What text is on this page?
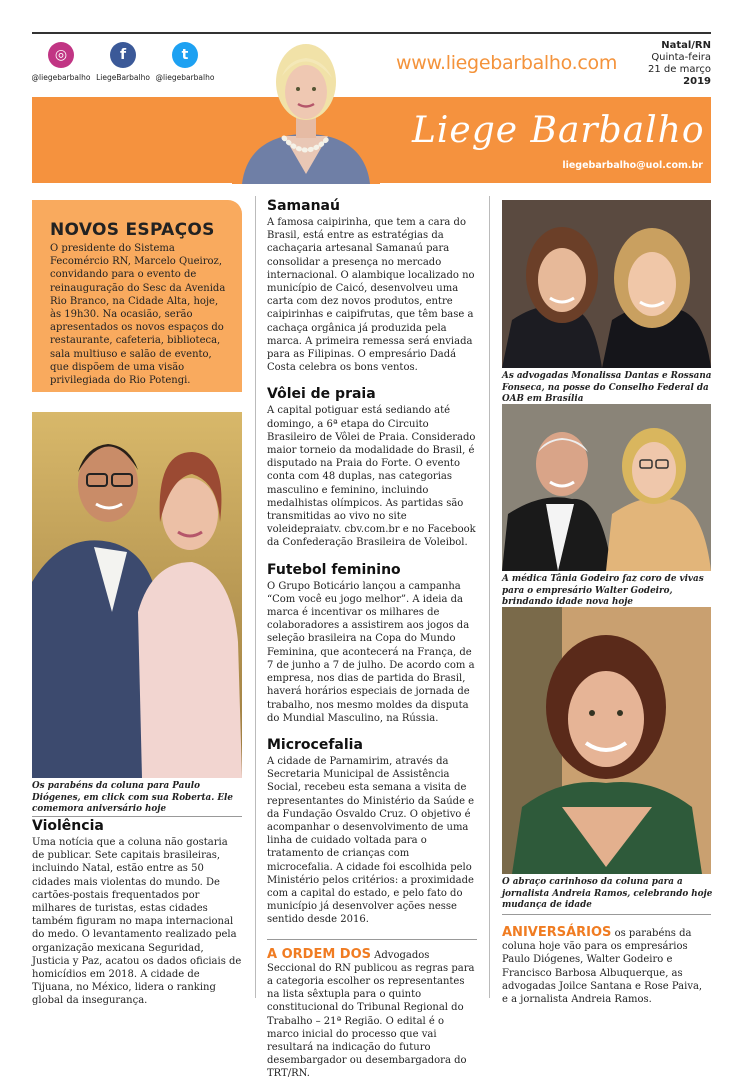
◎
@liegebarbalho
f
LiegeBarbalho
t
@liegebarbalho
www.liegebarbalho.com
Natal/RN
Quinta-feira
21 de março
2019
Liege Barbalho
liegebarbalho@uol.com.br
NOVOS ESPAÇOS

O presidente do Sistema Fecomércio RN, Marcelo Queiroz, convidando para o evento de reinauguração do Sesc da Avenida Rio Branco, na Cidade Alta, hoje, às 19h30. Na ocasião, serão apresentados os novos espaços do restaurante, cafeteria, biblioteca, sala multiuso e salão de evento, que dispõem de uma visão privilegiada do Rio Potengi.

Os parabéns da coluna para Paulo Diógenes, em click com sua Roberta. Ele comemora aniversário hoje
Violência

Uma notícia que a coluna não gostaria de publicar. Sete capitais brasileiras, incluindo Natal, estão entre as 50 cidades mais violentas do mundo. De cartões-postais frequentados por milhares de turistas, estas cidades também figuram no mapa internacional do medo. O levantamento realizado pela organização mexicana Seguridad, Justicia y Paz, acatou os dados oficiais de homicídios em 2018. A cidade de Tijuana, no México, lidera o ranking global da insegurança.

Samanaú

A famosa caipirinha, que tem a cara do Brasil, está entre as estratégias da cachaçaria artesanal Samanaú para consolidar a presença no mercado internacional. O alambique localizado no município de Caicó, desenvolveu uma carta com dez novos produtos, entre caipirinhas e caipifrutas, que têm base a cachaça orgânica já produzida pela marca. A primeira remessa será enviada para as Filipinas. O empresário Dadá Costa celebra os bons ventos.

Vôlei de praia

A capital potiguar está sediando até domingo, a 6ª etapa do Circuito Brasileiro de Vôlei de Praia. Considerado maior torneio da modalidade do Brasil, é disputado na Praia do Forte. O evento conta com 48 duplas, nas categorias masculino e feminino, incluindo medalhistas olímpicos. As partidas são transmitidas ao vivo no site voleidepraiatv. cbv.com.br e no Facebook da Confederação Brasileira de Voleibol.

Futebol feminino

O Grupo Boticário lançou a campanha “Com você eu jogo melhor”. A ideia da marca é incentivar os milhares de colaboradores a assistirem aos jogos da seleção brasileira na Copa do Mundo Feminina, que acontecerá na França, de 7 de junho a 7 de julho. De acordo com a empresa, nos dias de partida do Brasil, haverá horários especiais de jornada de trabalho, nos mesmo moldes da disputa do Mundial Masculino, na Rússia.

Microcefalia

A cidade de Parnamirim, através da Secretaria Municipal de Assistência Social, recebeu esta semana a visita de representantes do Ministério da Saúde e da Fundação Osvaldo Cruz. O objetivo é acompanhar o desenvolvimento de uma linha de cuidado voltada para o tratamento de crianças com microcefalia. A cidade foi escolhida pelo Ministério pelos critérios: a proximidade com a capital do estado, e pelo fato do município já desenvolver ações nesse sentido desde 2016.

A ORDEM DOS Advogados Seccional do RN publicou as regras para a categoria escolher os representantes na lista sêxtupla para o quinto constitucional do Tribunal Regional do Trabalho – 21ª Região. O edital é o marco inicial do processo que vai resultará na indicação do futuro desembargador ou desembargadora do TRT/RN.

As advogadas Monalissa Dantas e Rossana Fonseca, na posse do Conselho Federal da OAB em Brasília
A médica Tânia Godeiro faz coro de vivas para o empresário Walter Godeiro, brindando idade nova hoje
O abraço carinhoso da coluna para a jornalista Andreia Ramos, celebrando hoje mudança de idade

ANIVERSÁRIOS os parabéns da coluna hoje vão para os empresários Paulo Diógenes, Walter Godeiro e Francisco Barbosa Albuquerque, as advogadas Joilce Santana e Rose Paiva, e a jornalista Andreia Ramos.
